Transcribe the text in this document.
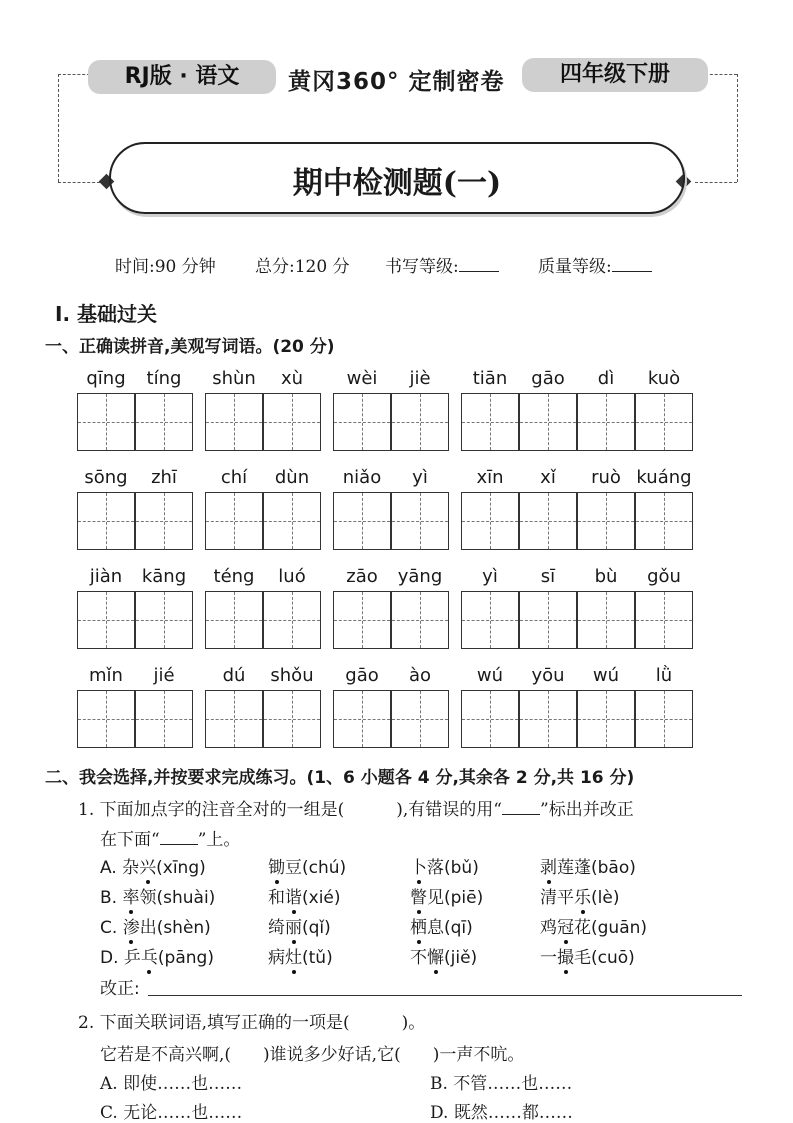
RJ版 · 语文	黄冈360° 定制密卷	四年级下册
期中检测题(一)
时间:90 分钟 总分:120 分 书写等级:	质量等级:
Ⅰ. 基础过关
一、正确读拼音,美观写词语。(20 分)
qīng	tíng	shùn	xù	wèi	jiè	tiān	gāo	dì	kuò
sōng	zhī	chí	dùn	niǎo	yì	xīn	xǐ	ruò kuáng
jiàn	kāng	téng	luó	zāo	yāng	yì	sī	bù	gǒu
mǐn	jié	dú	shǒu	gāo	ào	wú	yōu	wú	lǜ
二、我会选择,并按要求完成练习。(1、6 小题各 4 分,其余各 2 分,共 16 分)
1. 下面加点字的注音全对的一组是(	),有错误的用“ ”标出并改正
在下面“ ”上。
A. 杂兴(xīng)	锄豆(chú)	卜落(bǔ)	剥莲蓬(bāo)
B. 率领(shuài)	和谐(xié)	瞥见(piē)	清平乐(lè)
C. 渗出(shèn)	绮丽(qǐ)	栖息(qī)	鸡冠花(guān)
D. 乒乓(pāng)	病灶(tǔ)	不懈(jiě)	一撮毛(cuō)
改正:
2. 下面关联词语,填写正确的一项是(	)。
它若是不高兴啊,( )谁说多少好话,它( )一声不吭。
A. 即使……也……	B. 不管……也……
C. 无论……也……	D. 既然……都……
